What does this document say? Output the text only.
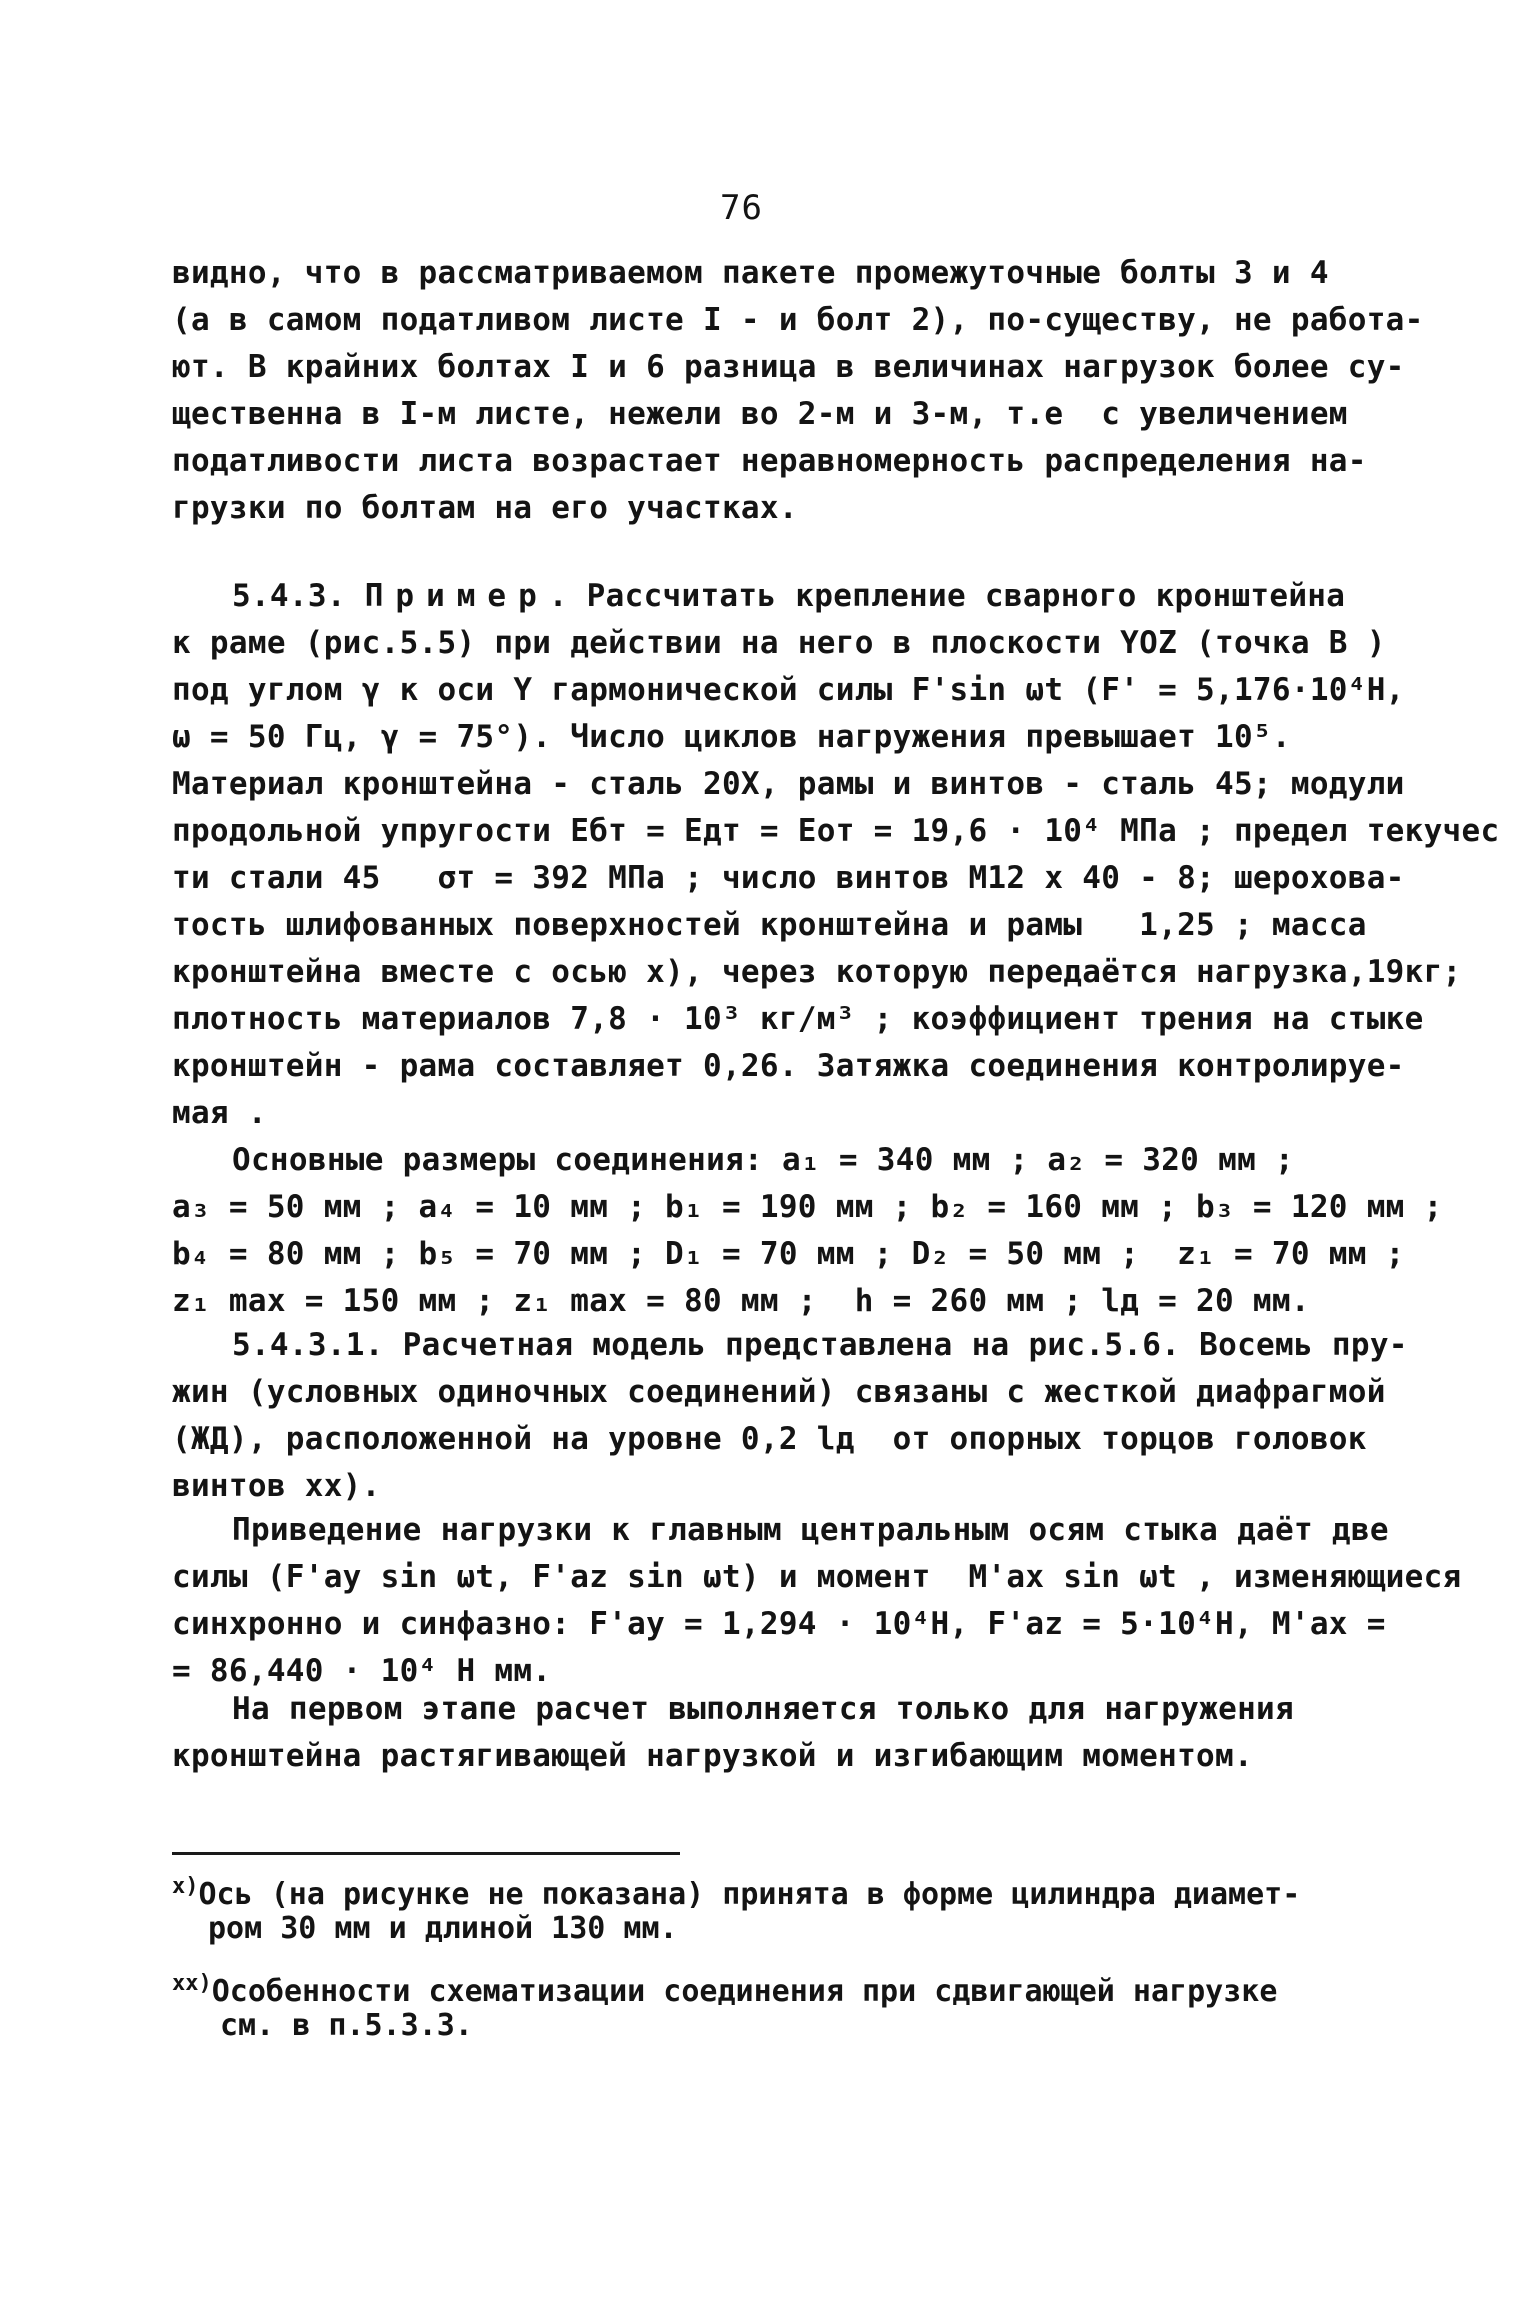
76
видно, что в рассматриваемом пакете промежуточные болты 3 и 4
(а в самом податливом листе I - и болт 2), по-существу, не работа-
ют. В крайних болтах I и 6 разница в величинах нагрузок более су-
щественна в I-м листе, нежели во 2-м и 3-м, т.е  с увеличением
податливости листа возрастает неравномерность распределения на-
грузки по болтам на его участках.
5.4.3. Пример. Рассчитать крепление сварного кронштейна
к раме (рис.5.5) при действии на него в плоскости YOZ (точка B )
под углом γ к оси Y гармонической силы F'sin ωt (F' = 5,176·10⁴Н,
ω = 50 Гц, γ = 75°). Число циклов нагружения превышает 10⁵.
Материал кронштейна - сталь 20Х, рамы и винтов - сталь 45; модули
продольной упругости Eбт = Eдт = Eот = 19,6 · 10⁴ МПа ; предел текучес
ти стали 45   σт = 392 МПа ; число винтов М12 х 40 - 8; шерохова-
тость шлифованных поверхностей кронштейна и рамы   1,25 ; масса
кронштейна вместе с осью x), через которую передаётся нагрузка,19кг;
плотность материалов 7,8 · 10³ кг/м³ ; коэффициент трения на стыке
кронштейн - рама составляет 0,26. Затяжка соединения контролируе-
мая .
Основные размеры соединения: a₁ = 340 мм ; a₂ = 320 мм ;
a₃ = 50 мм ; a₄ = 10 мм ; b₁ = 190 мм ; b₂ = 160 мм ; b₃ = 120 мм ;
b₄ = 80 мм ; b₅ = 70 мм ; D₁ = 70 мм ; D₂ = 50 мм ;  z₁ = 70 мм ;
z₁ max = 150 мм ; z₁ max = 80 мм ;  h = 260 мм ; lд = 20 мм.
5.4.3.1. Расчетная модель представлена на рис.5.6. Восемь пру-
жин (условных одиночных соединений) связаны с жесткой диафрагмой
(ЖД), расположенной на уровне 0,2 lд  от опорных торцов головок
винтов xx).
Приведение нагрузки к главным центральным осям стыка даёт две
силы (F'ay sin ωt, F'az sin ωt) и момент  M'ax sin ωt , изменяющиеся
синхронно и синфазно: F'ay = 1,294 · 10⁴Н, F'az = 5·10⁴Н, M'ax =
= 86,440 · 10⁴ Н мм.
На первом этапе расчет выполняется только для нагружения
кронштейна растягивающей нагрузкой и изгибающим моментом.
$^{x)}$Ось (на рисунке не показана) принята в форме цилиндра диамет-
ром 30 мм и длиной 130 мм.
$^{xx)}$Особенности схематизации соединения при сдвигающей нагрузке
см. в п.5.3.3.
